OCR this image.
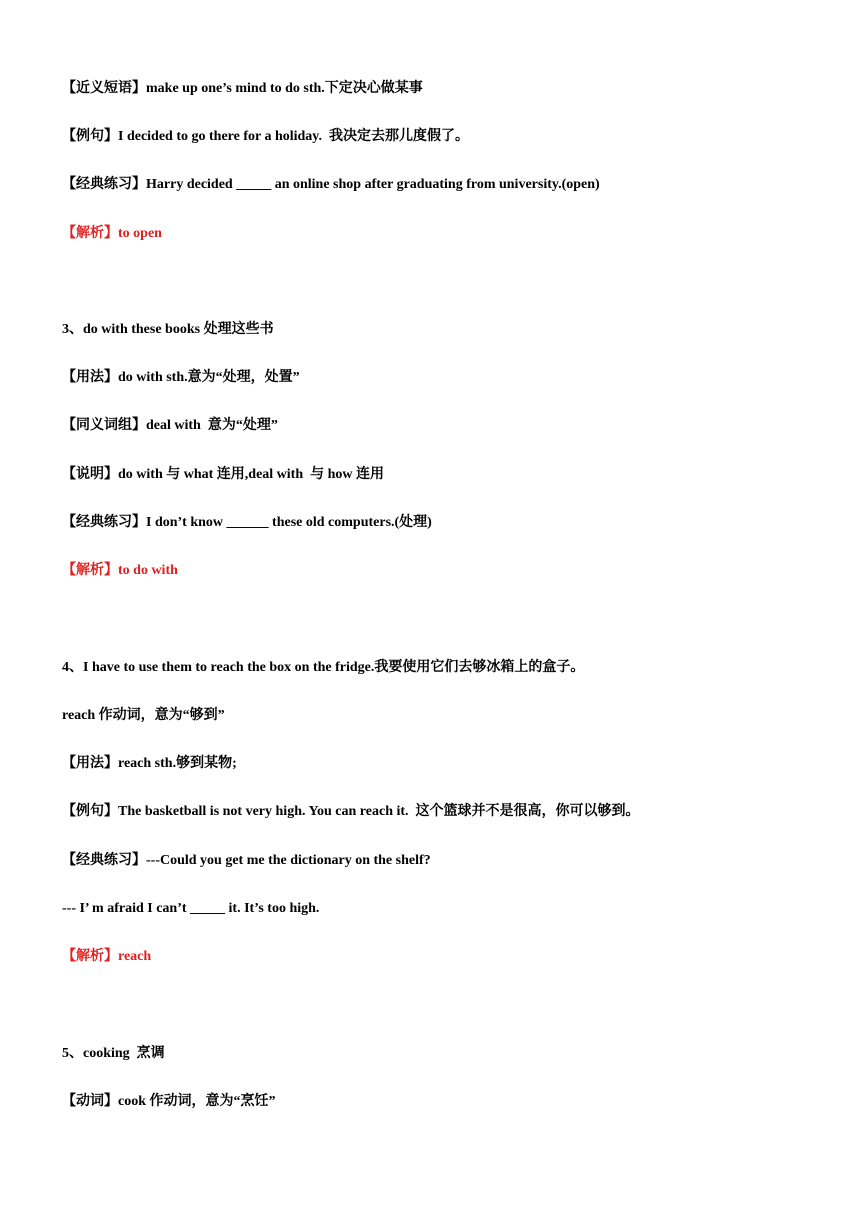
【近义短语】make up one’s mind to do sth.下定决心做某事
【例句】I decided to go there for a holiday.  我决定去那儿度假了。
【经典练习】Harry decided _____ an online shop after graduating from university.(open)
【解析】to open
3、do with these books 处理这些书
【用法】do with sth.意为“处理，处置”
【同义词组】deal with  意为“处理”
【说明】do with 与 what 连用,deal with  与 how 连用
【经典练习】I don’t know ______ these old computers.(处理)
【解析】to do with
4、I have to use them to reach the box on the fridge.我要使用它们去够冰箱上的盒子。
reach 作动词，意为“够到”
【用法】reach sth.够到某物;
【例句】The basketball is not very high. You can reach it.  这个篮球并不是很高，你可以够到。
【经典练习】---Could you get me the dictionary on the shelf?
--- I’ m afraid I can’t _____ it. It’s too high.
【解析】reach
5、cooking  烹调
【动词】cook 作动词，意为“烹饪”
